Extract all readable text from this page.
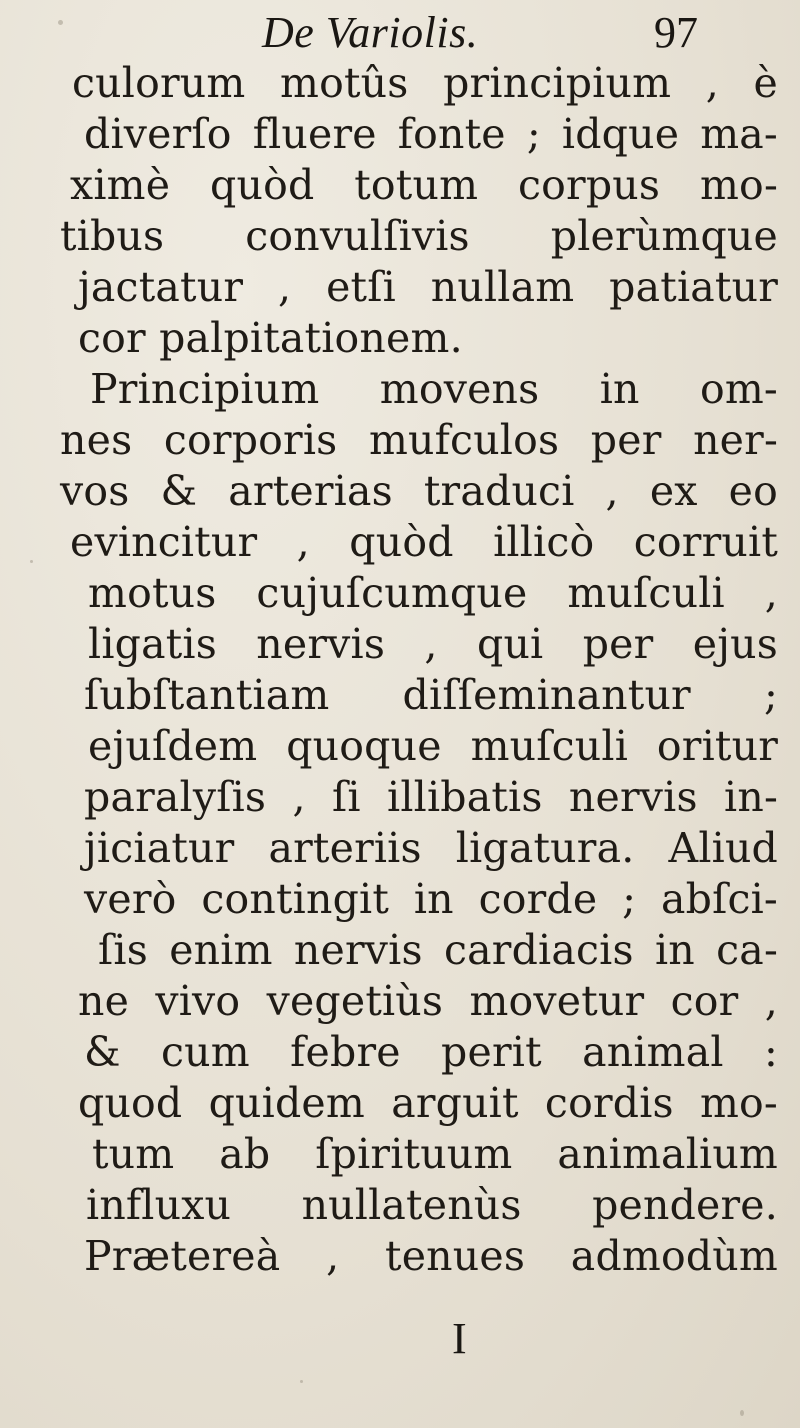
De Variolis.	97
culorum motûs principium , è
diverſo fluere fonte ; idque ma-
ximè quòd totum corpus mo-
tibus convulſivis plerùmque
jactatur , etſi nullam patiatur
cor palpitationem.
Principium movens in om-
nes corporis mufculos per ner-
vos & arterias traduci , ex eo
evincitur , quòd illicò corruit
motus cujuſcumque muſculi ,
ligatis nervis , qui per ejus
ſubſtantiam diſſeminantur ;
ejuſdem quoque muſculi oritur
paralyſis , ſi illibatis nervis in-
jiciatur arteriis ligatura. Aliud
verò contingit in corde ; abſci-
ſis enim nervis cardiacis in ca-
ne vivo vegetiùs movetur cor ,
& cum febre perit animal :
quod quidem arguit cordis mo-
tum ab ſpirituum animalium
influxu nullatenùs pendere.
Prætereà , tenues admodùm
I
